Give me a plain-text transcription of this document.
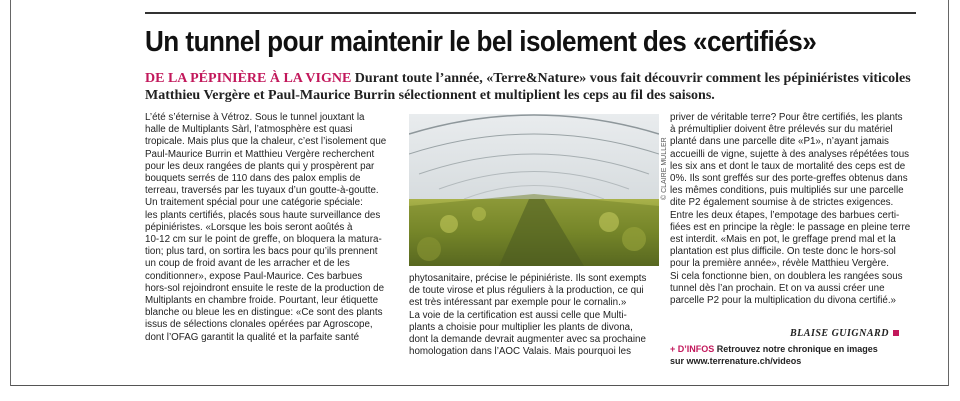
Un tunnel pour maintenir le bel isolement des «certifiés»

DE LA PÉPINIÈRE À LA VIGNE Durant toute l’année, «Terre&Nature» vous fait découvrir comment les pépiniéristes viticoles Matthieu Vergère et Paul-Maurice Burrin sélectionnent et multiplient les ceps au fil des saisons.

L’été s’éternise à Vétroz. Sous le tunnel jouxtant la

halle de Multiplants Sàrl, l’atmosphère est quasi

tropicale. Mais plus que la chaleur, c’est l’isolement que

Paul-Maurice Burrin et Matthieu Vergère recherchent

pour les deux rangées de plants qui y prospèrent par

bouquets serrés de 110 dans des palox emplis de

terreau, traversés par les tuyaux d’un goutte-à-goutte.

Un traitement spécial pour une catégorie spéciale:

les plants certifiés, placés sous haute surveillance des

pépiniéristes. «Lorsque les bois seront aoûtés à

10-12 cm sur le point de greffe, on bloquera la matura-

tion; plus tard, on sortira les bacs pour qu’ils prennent

un coup de froid avant de les arracher et de les

conditionner», expose Paul-Maurice. Ces barbues

hors-sol rejoindront ensuite le reste de la production de

Multiplants en chambre froide. Pourtant, leur étiquette

blanche ou bleue les en distingue: «Ce sont des plants

issus de sélections clonales opérées par Agroscope,

dont l’OFAG garantit la qualité et la parfaite santé

© CLAIRE MULLER

phytosanitaire, précise le pépiniériste. Ils sont exempts

de toute virose et plus réguliers à la production, ce qui

est très intéressant par exemple pour le cornalin.»

La voie de la certification est aussi celle que Multi-

plants a choisie pour multiplier les plants de divona,

dont la demande devrait augmenter avec sa prochaine

homologation dans l’AOC Valais. Mais pourquoi les

priver de véritable terre? Pour être certifiés, les plants

à prémultiplier doivent être prélevés sur du matériel

planté dans une parcelle dite «P1», n’ayant jamais

accueilli de vigne, sujette à des analyses répétées tous

les six ans et dont le taux de mortalité des ceps est de

0%. Ils sont greffés sur des porte-greffes obtenus dans

les mêmes conditions, puis multipliés sur une parcelle

dite P2 également soumise à de strictes exigences.

Entre les deux étapes, l’empotage des barbues certi-

fiées est en principe la règle: le passage en pleine terre

est interdit. «Mais en pot, le greffage prend mal et la

plantation est plus difficile. On teste donc le hors-sol

pour la première année», révèle Matthieu Vergère.

Si cela fonctionne bien, on doublera les rangées sous

tunnel dès l’an prochain. Et on va aussi créer une

parcelle P2 pour la multiplication du divona certifié.»

BLAISE GUIGNARD
+ D’INFOS Retrouvez notre chronique en images
sur www.terrenature.ch/videos
